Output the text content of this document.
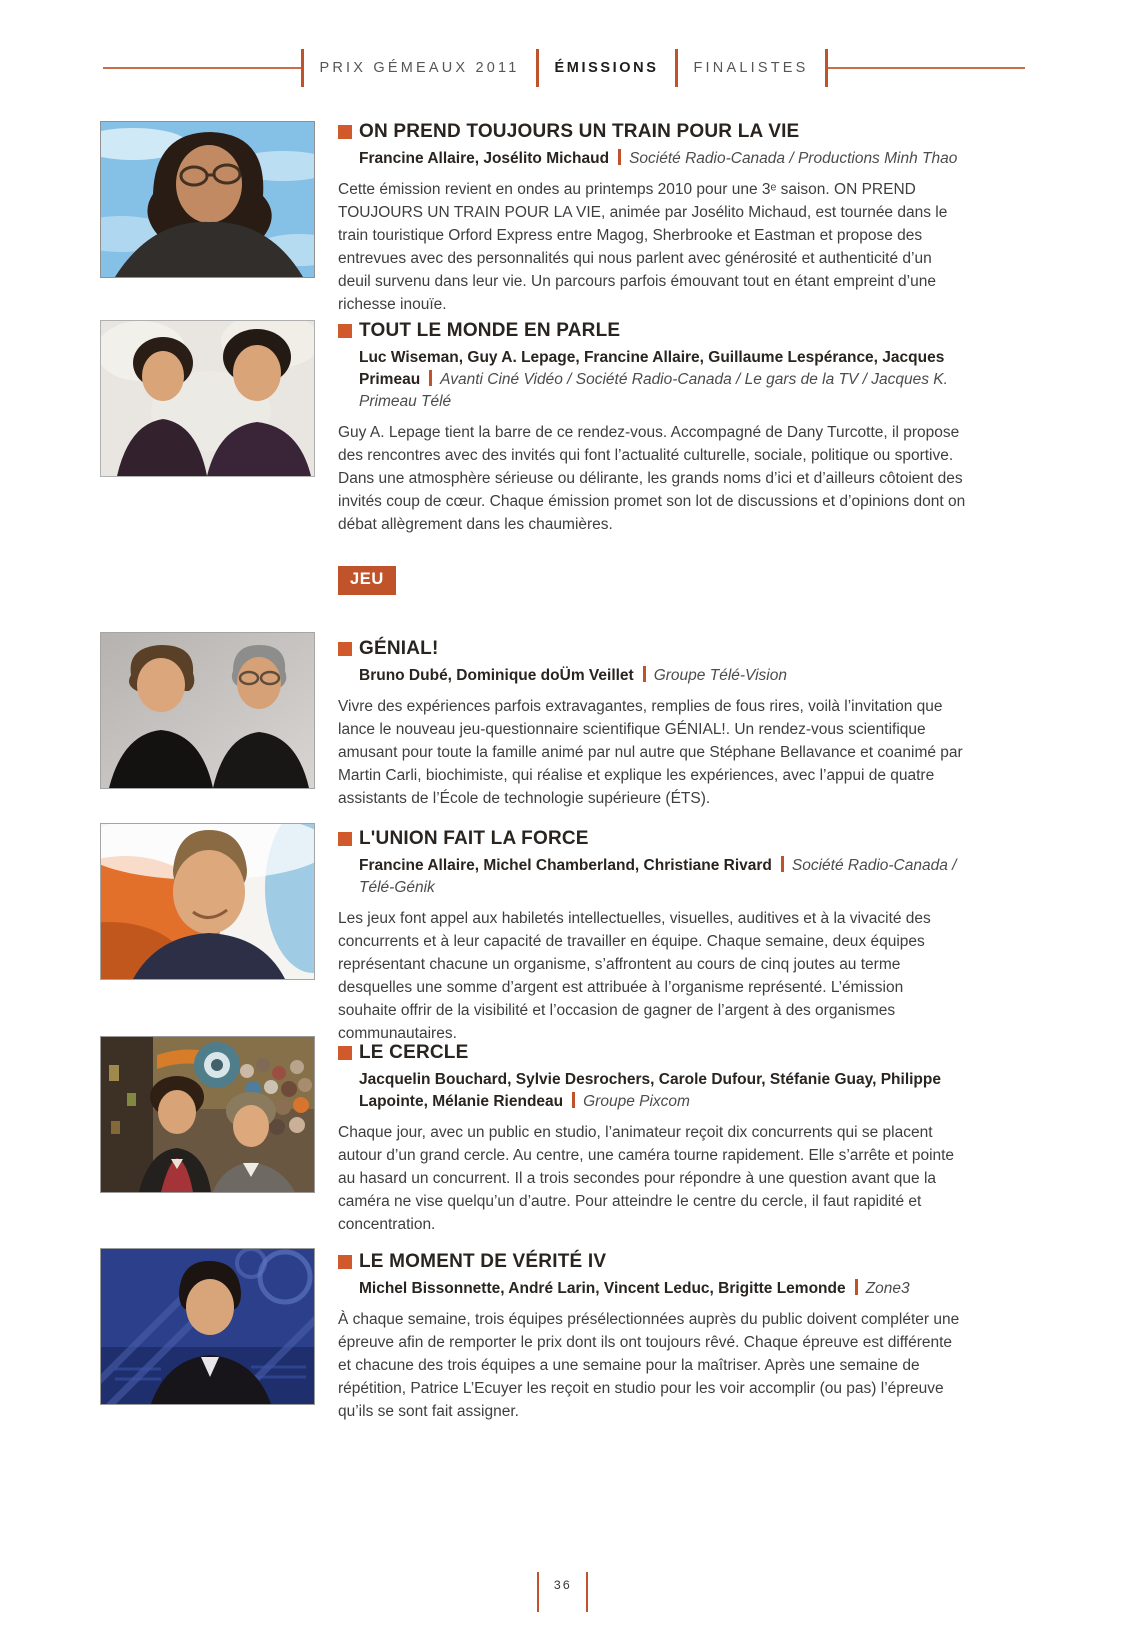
PRIX GÉMEAUX 2011	ÉMISSIONS	FINALISTES
ON PREND TOUJOURS UN TRAIN POUR LA VIE

Francine Allaire, Josélito Michaud Société Radio-Canada / Productions Minh Thao

Cette émission revient en ondes au printemps 2010 pour une 3ᵉ saison. ON PREND TOUJOURS UN TRAIN POUR LA VIE, animée par Josélito Michaud, est tournée dans le train touristique Orford Express entre Magog, Sherbrooke et Eastman et propose des entrevues avec des personnalités qui nous parlent avec générosité et authenticité d’un deuil survenu dans leur vie. Un parcours parfois émouvant tout en étant empreint d’une richesse inouïe.

TOUT LE MONDE EN PARLE

Luc Wiseman, Guy A. Lepage, Francine Allaire, Guillaume Lespérance, Jacques Primeau Avanti Ciné Vidéo / Société Radio-Canada / Le gars de la TV / Jacques K. Primeau Télé

Guy A. Lepage tient la barre de ce rendez-vous. Accompagné de Dany Turcotte, il propose des rencontres avec des invités qui font l’actualité culturelle, sociale, politique ou sportive. Dans une atmosphère sérieuse ou délirante, les grands noms d’ici et d’ailleurs côtoient des invités coup de cœur. Chaque émission promet son lot de discussions et d’opinions dont on débat allègrement dans les chaumières.

JEU
GÉNIAL!

Bruno Dubé, Dominique doÜm Veillet Groupe Télé-Vision

Vivre des expériences parfois extravagantes, remplies de fous rires, voilà l’invitation que lance le nouveau jeu-questionnaire scientifique GÉNIAL!. Un rendez-vous scientifique amusant pour toute la famille animé par nul autre que Stéphane Bellavance et coanimé par Martin Carli, biochimiste, qui réalise et explique les expériences, avec l’appui de quatre assistants de l’École de technologie supérieure (ÉTS).

L'UNION FAIT LA FORCE

Francine Allaire, Michel Chamberland, Christiane Rivard Société Radio-Canada / Télé-Génik

Les jeux font appel aux habiletés intellectuelles, visuelles, auditives et à la vivacité des concurrents et à leur capacité de travailler en équipe. Chaque semaine, deux équipes représentant chacune un organisme, s’affrontent au cours de cinq joutes au terme desquelles une somme d’argent est attribuée à l’organisme représenté. L’émission souhaite offrir de la visibilité et l’occasion de gagner de l’argent à des organismes communautaires.

LE CERCLE

Jacquelin Bouchard, Sylvie Desrochers, Carole Dufour, Stéfanie Guay, Philippe Lapointe, Mélanie Riendeau Groupe Pixcom

Chaque jour, avec un public en studio, l’animateur reçoit dix concurrents qui se placent autour d’un grand cercle. Au centre, une caméra tourne rapidement. Elle s’arrête et pointe au hasard un concurrent. Il a trois secondes pour répondre à une question avant que la caméra ne vise quelqu’un d’autre. Pour atteindre le centre du cercle, il faut rapidité et concentration.

LE MOMENT DE VÉRITÉ IV

Michel Bissonnette, André Larin, Vincent Leduc, Brigitte Lemonde Zone3

À chaque semaine, trois équipes présélectionnées auprès du public doivent compléter une épreuve afin de remporter le prix dont ils ont toujours rêvé. Chaque épreuve est différente et chacune des trois équipes a une semaine pour la maîtriser. Après une semaine de répétition, Patrice L’Ecuyer les reçoit en studio pour les voir accomplir (ou pas) l’épreuve qu’ils se sont fait assigner.

36
